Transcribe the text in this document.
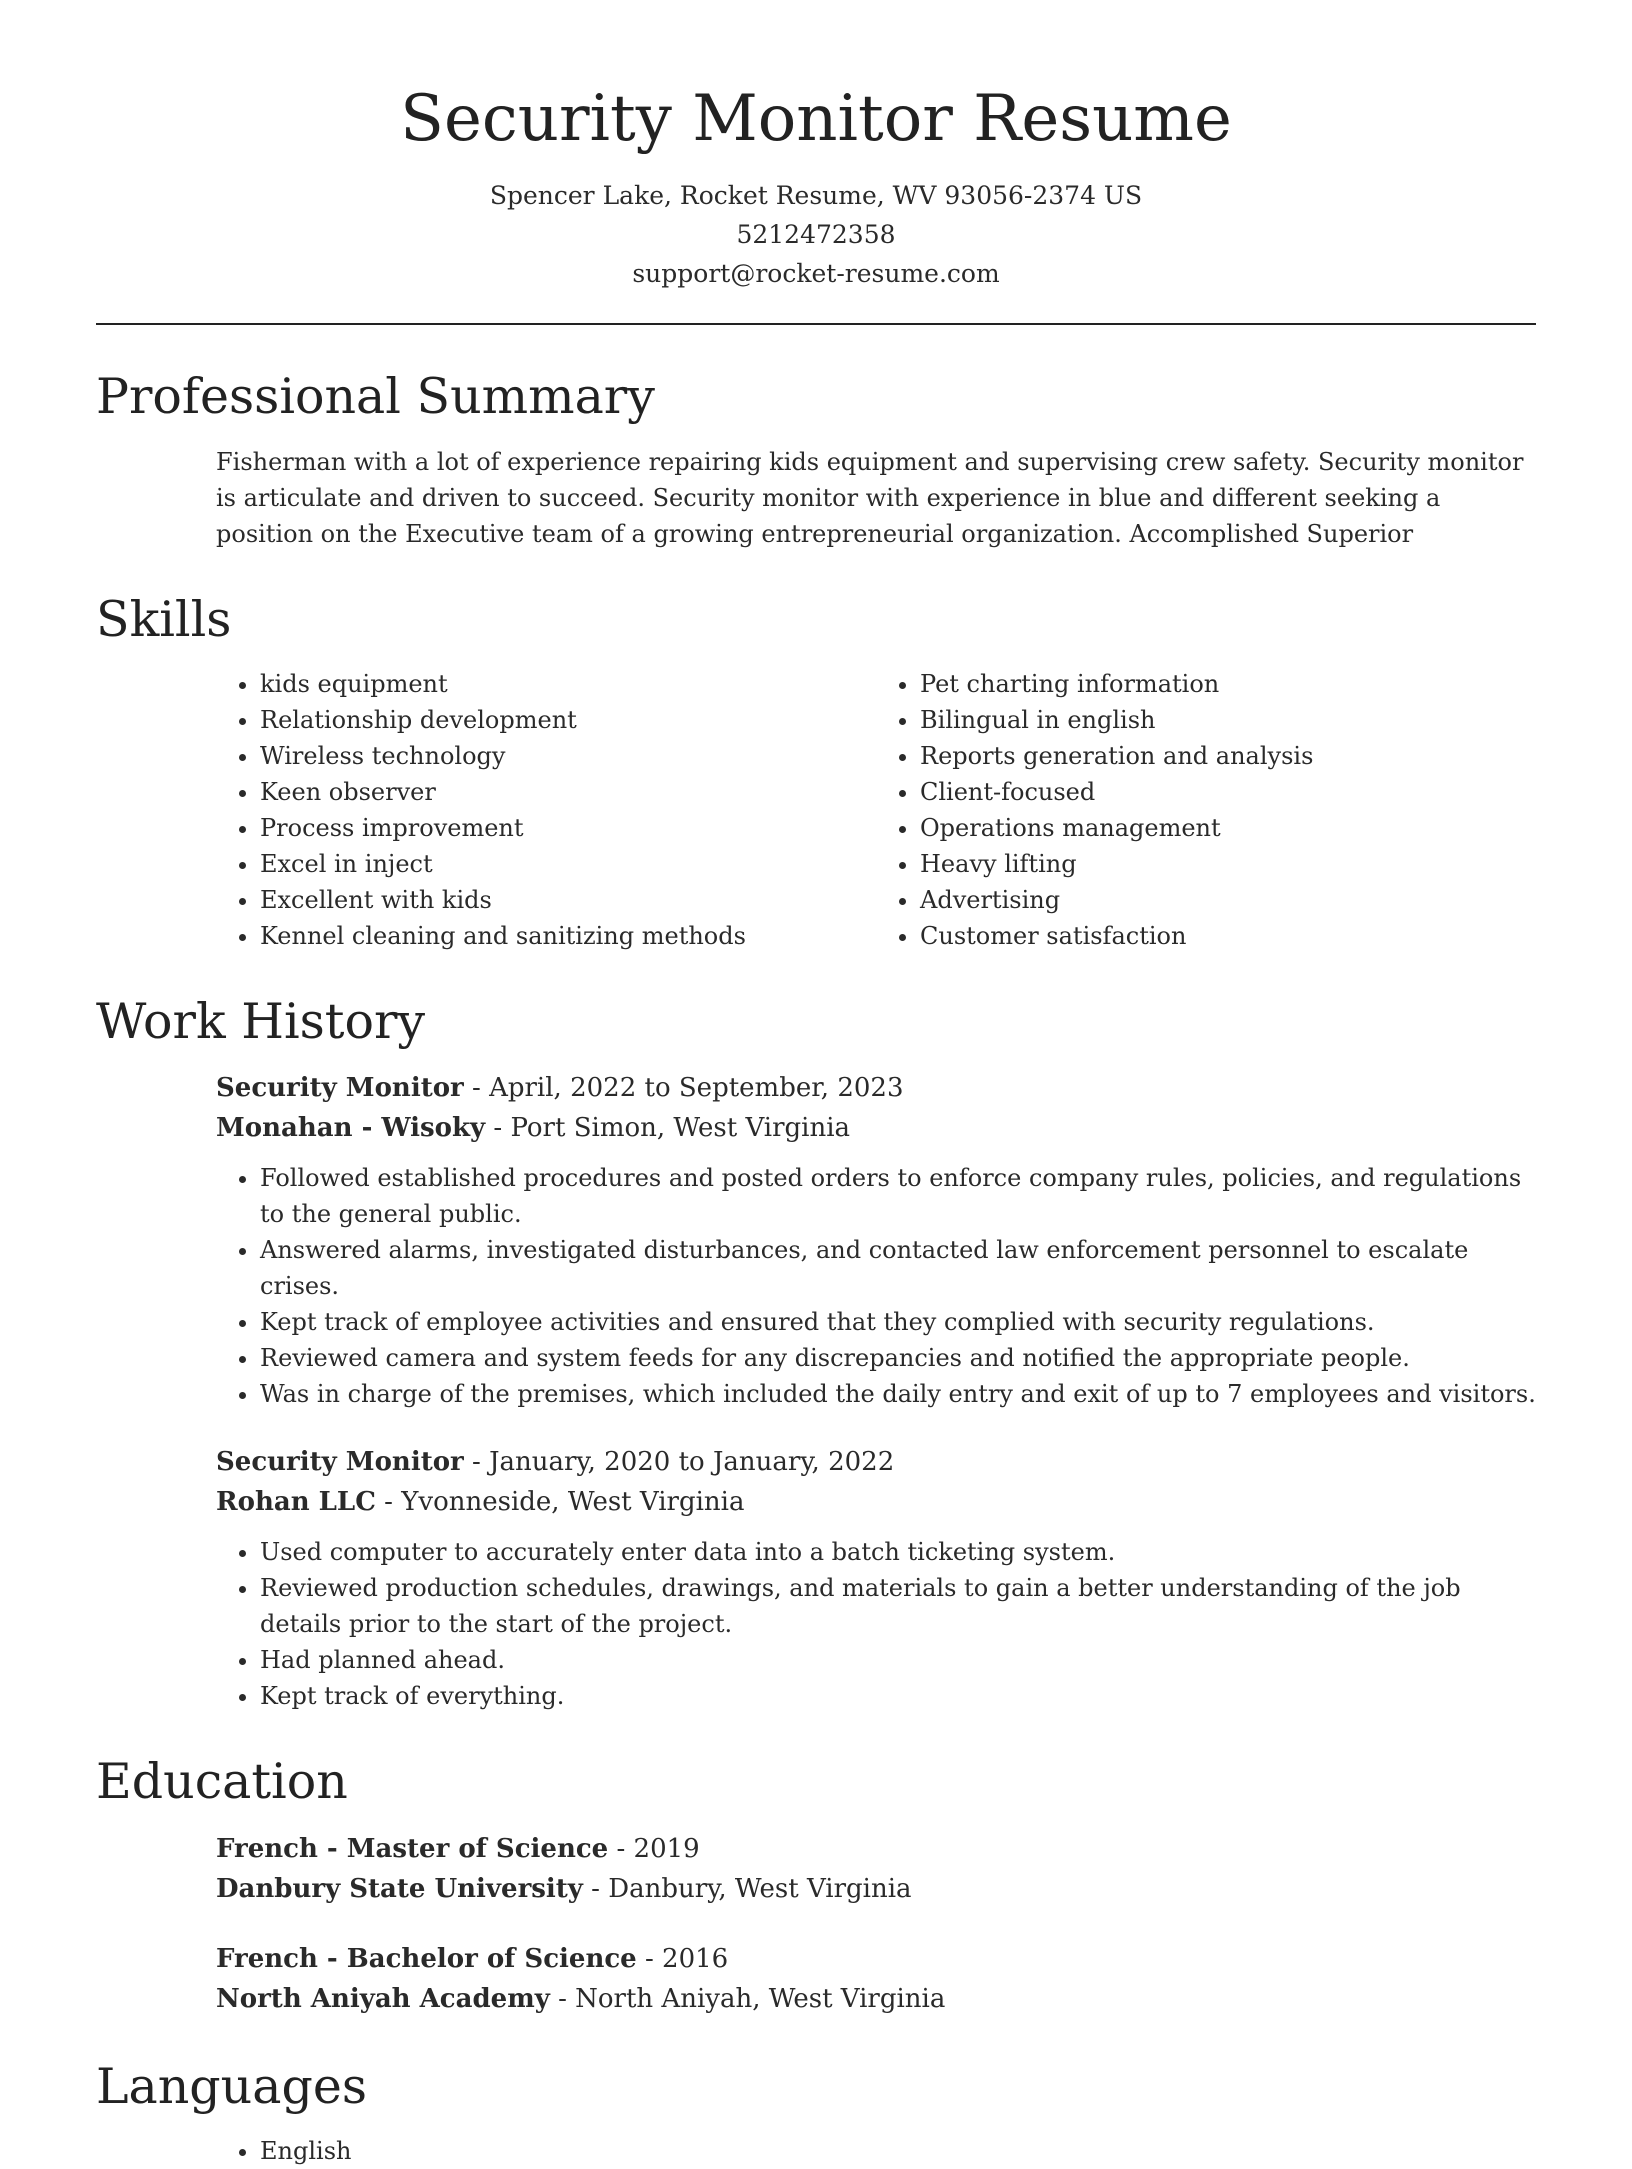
Security Monitor Resume
Spencer Lake, Rocket Resume, WV 93056-2374 US
5212472358
support@rocket-resume.com
Professional Summary

Fisherman with a lot of experience repairing kids equipment and supervising crew safety. Security monitor is articulate and driven to succeed. Security monitor with experience in blue and different seeking a position on the Executive team of a growing entrepreneurial organization. Accomplished Superior

Skills
• kids equipment
• Relationship development
• Wireless technology
• Keen observer
• Process improvement
• Excel in inject
• Excellent with kids
• Kennel cleaning and sanitizing methods
• Pet charting information
• Bilingual in english
• Reports generation and analysis
• Client-focused
• Operations management
• Heavy lifting
• Advertising
• Customer satisfaction
Work History
Security Monitor - April, 2022 to September, 2023
Monahan - Wisoky - Port Simon, West Virginia
• Followed established procedures and posted orders to enforce company rules, policies, and regulations to the general public.
• Answered alarms, investigated disturbances, and contacted law enforcement personnel to escalate crises.
• Kept track of employee activities and ensured that they complied with security regulations.
• Reviewed camera and system feeds for any discrepancies and notified the appropriate people.
• Was in charge of the premises, which included the daily entry and exit of up to 7 employees and visitors.
Security Monitor - January, 2020 to January, 2022
Rohan LLC - Yvonneside, West Virginia
• Used computer to accurately enter data into a batch ticketing system.
• Reviewed production schedules, drawings, and materials to gain a better understanding of the job details prior to the start of the project.
• Had planned ahead.
• Kept track of everything.
Education
French - Master of Science - 2019
Danbury State University - Danbury, West Virginia
French - Bachelor of Science - 2016
North Aniyah Academy - North Aniyah, West Virginia
Languages
• English
